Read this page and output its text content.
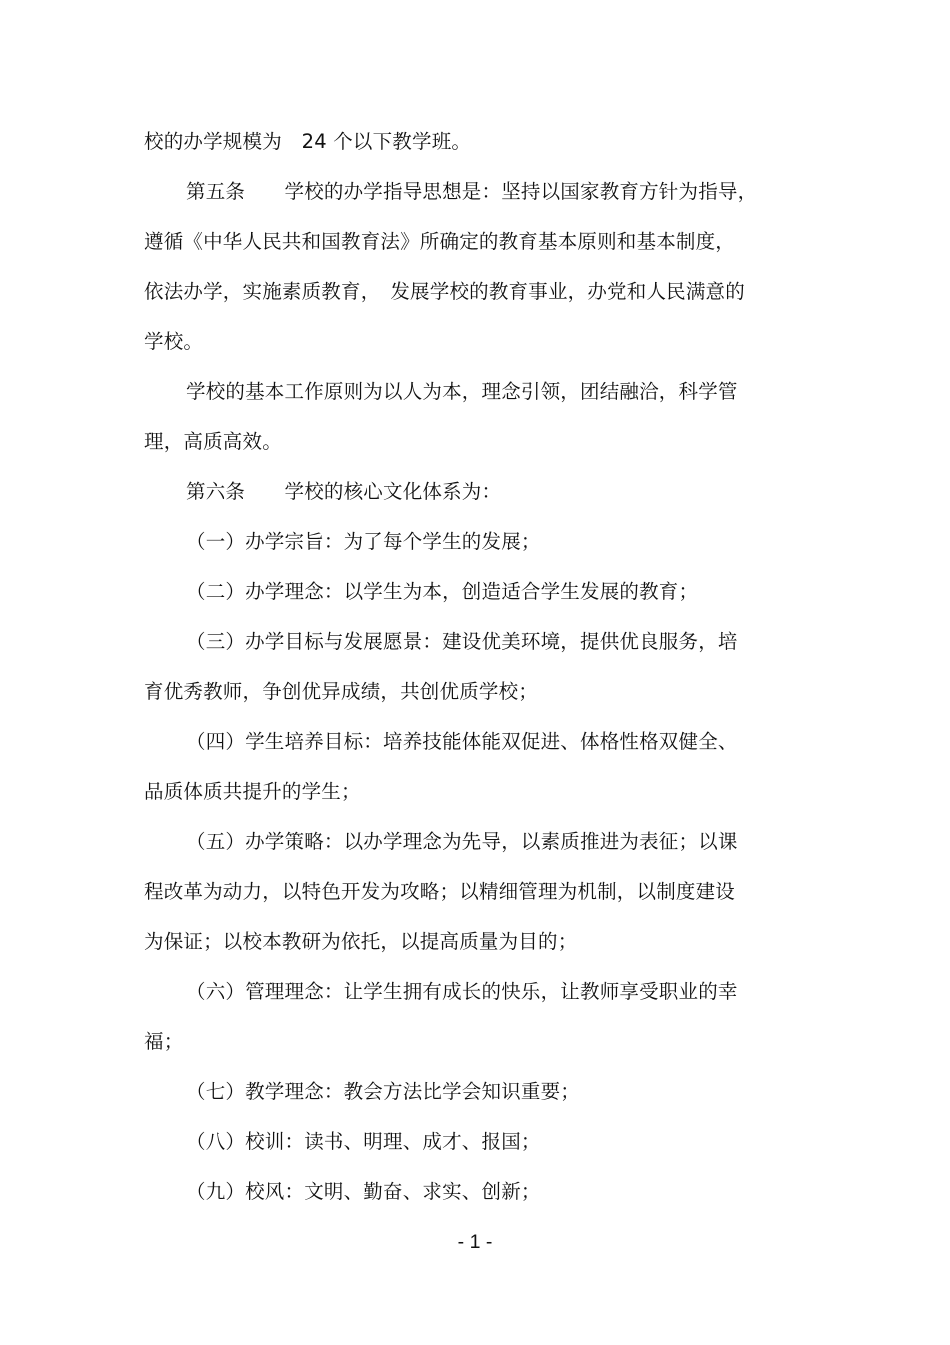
校的办学规模为　24 个以下教学班。
第五条　　学校的办学指导思想是：坚持以国家教育方针为指导，
遵循《中华人民共和国教育法》所确定的教育基本原则和基本制度，
依法办学，实施素质教育，　发展学校的教育事业，办党和人民满意的
学校。
学校的基本工作原则为以人为本，理念引领，团结融洽，科学管
理，高质高效。
第六条　　学校的核心文化体系为：
（一）办学宗旨：为了每个学生的发展；
（二）办学理念：以学生为本，创造适合学生发展的教育；
（三）办学目标与发展愿景：建设优美环境，提供优良服务，培
育优秀教师，争创优异成绩，共创优质学校；
（四）学生培养目标：培养技能体能双促进、体格性格双健全、
品质体质共提升的学生；
（五）办学策略：以办学理念为先导，以素质推进为表征；以课
程改革为动力，以特色开发为攻略；以精细管理为机制，以制度建设
为保证；以校本教研为依托，以提高质量为目的；
（六）管理理念：让学生拥有成长的快乐，让教师享受职业的幸
福；
（七）教学理念：教会方法比学会知识重要；
（八）校训：读书、明理、成才、报国；
（九）校风：文明、勤奋、求实、创新；
- 1 -
